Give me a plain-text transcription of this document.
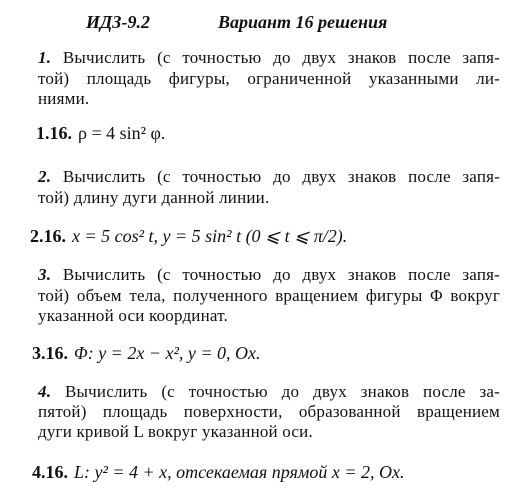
ИДЗ-9.2	Вариант 16 решения
1. Вычислить (с точностью до двух знаков после запя-
той) площадь фигуры, ограниченной указанными ли-
ниями.
1.16. ρ = 4 sin² φ.
2. Вычислить (с точностью до двух знаков после запя-
той) длину дуги данной линии.
2.16. x = 5 cos² t, y = 5 sin² t (0 ⩽ t ⩽ π/2).
3. Вычислить (с точностью до двух знаков после запя-
той) объем тела, полученного вращением фигуры Φ вокруг
указанной оси координат.
3.16. Φ: y = 2x − x², y = 0, Ox.
4. Вычислить (с точностью до двух знаков после за-
пятой) площадь поверхности, образованной вращением
дуги кривой L вокруг указанной оси.
4.16. L: y² = 4 + x, отсекаемая прямой x = 2, Ox.
